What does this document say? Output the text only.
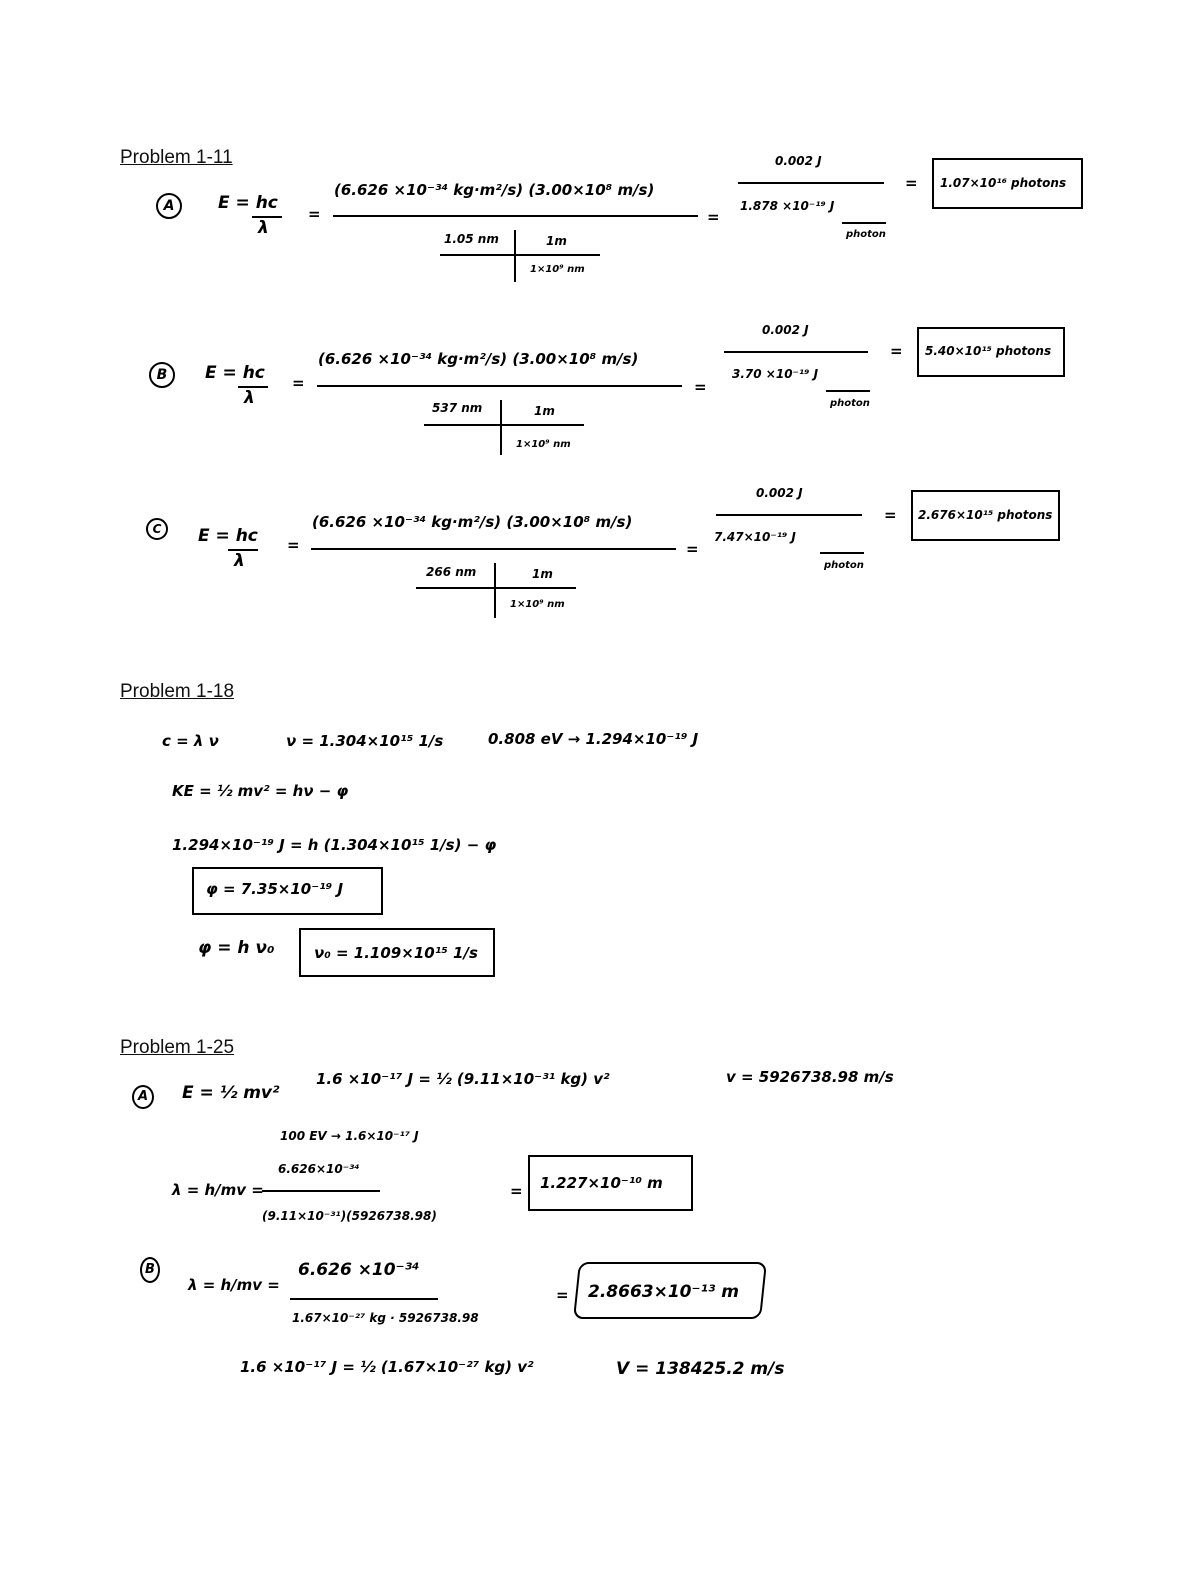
Problem 1-11
A	E = hc
λ
=
(6.626 ×10⁻³⁴ kg·m²/s) (3.00×10⁸ m/s)
1.05 nm	1m
1×10⁹ nm
=
0.002 J
1.878 ×10⁻¹⁹ J
photon
= 1.07×10¹⁶ photons
B	E = hc
λ
=
(6.626 ×10⁻³⁴ kg·m²/s) (3.00×10⁸ m/s)
537 nm	1m
1×10⁹ nm
=
0.002 J
3.70 ×10⁻¹⁹ J
photon
= 5.40×10¹⁵ photons
C	E = hc
λ
=
(6.626 ×10⁻³⁴ kg·m²/s) (3.00×10⁸ m/s)
266 nm	1m
1×10⁹ nm
=
0.002 J
7.47×10⁻¹⁹ J
photon
= 2.676×10¹⁵ photons
Problem 1-18
c = λ ν	ν = 1.304×10¹⁵ 1/s	0.808 eV → 1.294×10⁻¹⁹ J
KE = ½ mv² = hν − φ
1.294×10⁻¹⁹ J = h (1.304×10¹⁵ 1/s) − φ
φ = 7.35×10⁻¹⁹ J
φ = h ν₀	ν₀ = 1.109×10¹⁵ 1/s
Problem 1-25
A	E = ½ mv²
1.6 ×10⁻¹⁷ J = ½ (9.11×10⁻³¹ kg) v²	v = 5926738.98 m/s
100 EV → 1.6×10⁻¹⁷ J
λ = h/mv =
6.626×10⁻³⁴
(9.11×10⁻³¹)(5926738.98)
= 1.227×10⁻¹⁰ m
B
λ = h/mv =
6.626 ×10⁻³⁴
1.67×10⁻²⁷ kg · 5926738.98
= 2.8663×10⁻¹³ m
1.6 ×10⁻¹⁷ J = ½ (1.67×10⁻²⁷ kg) v²	V = 138425.2 m/s
